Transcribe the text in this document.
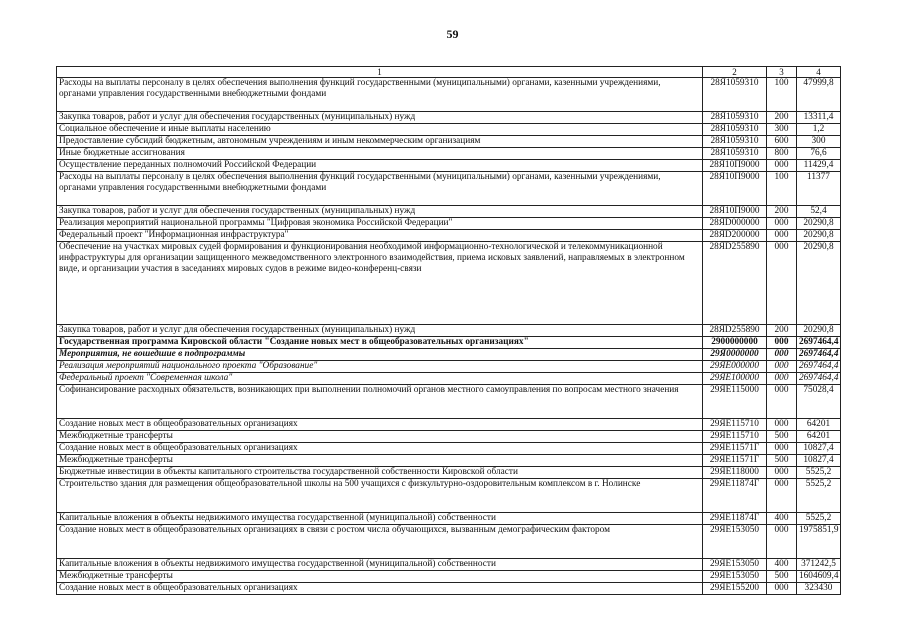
59
1	2	3	4
Расходы на выплаты персоналу в целях обеспечения выполнения функций государственными (муниципальными) органами, казенными учреждениями, органами управления государственными внебюджетными фондами	28Я1059310	100	47999,8
Закупка товаров, работ и услуг для обеспечения государственных (муниципальных) нужд	28Я1059310	200	13311,4
Социальное обеспечение и иные выплаты населению	28Я1059310	300	1,2
Предоставление субсидий бюджетным, автономным учреждениям и иным некоммерческим организациям	28Я1059310	600	300
Иные бюджетные ассигнования	28Я1059310	800	76,6
Осуществление переданных полномочий Российской Федерации	28Я10П9000	000	11429,4
Расходы на выплаты персоналу в целях обеспечения выполнения функций государственными (муниципальными) органами, казенными учреждениями, органами управления государственными внебюджетными фондами	28Я10П9000	100	11377
Закупка товаров, работ и услуг для обеспечения государственных (муниципальных) нужд	28Я10П9000	200	52,4
Реализация мероприятий национальной программы "Цифровая экономика Российской Федерации"	28ЯD000000	000	20290,8
Федеральный проект "Информационная инфраструктура"	28ЯD200000	000	20290,8
Обеспечение на участках мировых судей формирования и функционирования необходимой информационно-технологической и телекоммуникационной инфраструктуры для организации защищенного межведомственного электронного взаимодействия, приема исковых заявлений, направляемых в электронном виде, и организации участия в заседаниях мировых судов в режиме видео-конференц-связи	28ЯD255890	000	20290,8
Закупка товаров, работ и услуг для обеспечения государственных (муниципальных) нужд	28ЯD255890	200	20290,8
Государственная программа Кировской области "Создание новых мест в общеобразовательных организациях"	2900000000	000	2697464,4
Мероприятия, не вошедшие в подпрограммы	29Я0000000	000	2697464,4
Реализация мероприятий национального проекта "Образование"	29ЯЕ000000	000	2697464,4
Федеральный проект "Современная школа"	29ЯЕ100000	000	2697464,4
Софинансирование расходных обязательств, возникающих при выполнении полномочий органов местного самоуправления по вопросам местного значения	29ЯЕ115000	000	75028,4
Создание новых мест в общеобразовательных организациях	29ЯЕ115710	000	64201
Межбюджетные трансферты	29ЯЕ115710	500	64201
Создание новых мест в общеобразовательных организациях	29ЯЕ11571Г	000	10827,4
Межбюджетные трансферты	29ЯЕ11571Г	500	10827,4
Бюджетные инвестиции в объекты капитального строительства государственной собственности Кировской области	29ЯЕ118000	000	5525,2
Строительство здания для размещения общеобразовательной школы на 500 учащихся с физкультурно-оздоровительным комплексом в г. Нолинске	29ЯЕ11874Г	000	5525,2
Капитальные вложения в объекты недвижимого имущества государственной (муниципальной) собственности	29ЯЕ11874Г	400	5525,2
Создание новых мест в общеобразовательных организациях в связи с ростом числа обучающихся, вызванным демографическим фактором	29ЯЕ153050	000	1975851,9
Капитальные вложения в объекты недвижимого имущества государственной (муниципальной) собственности	29ЯЕ153050	400	371242,5
Межбюджетные трансферты	29ЯЕ153050	500	1604609,4
Создание новых мест в общеобразовательных организациях	29ЯЕ155200	000	323430
